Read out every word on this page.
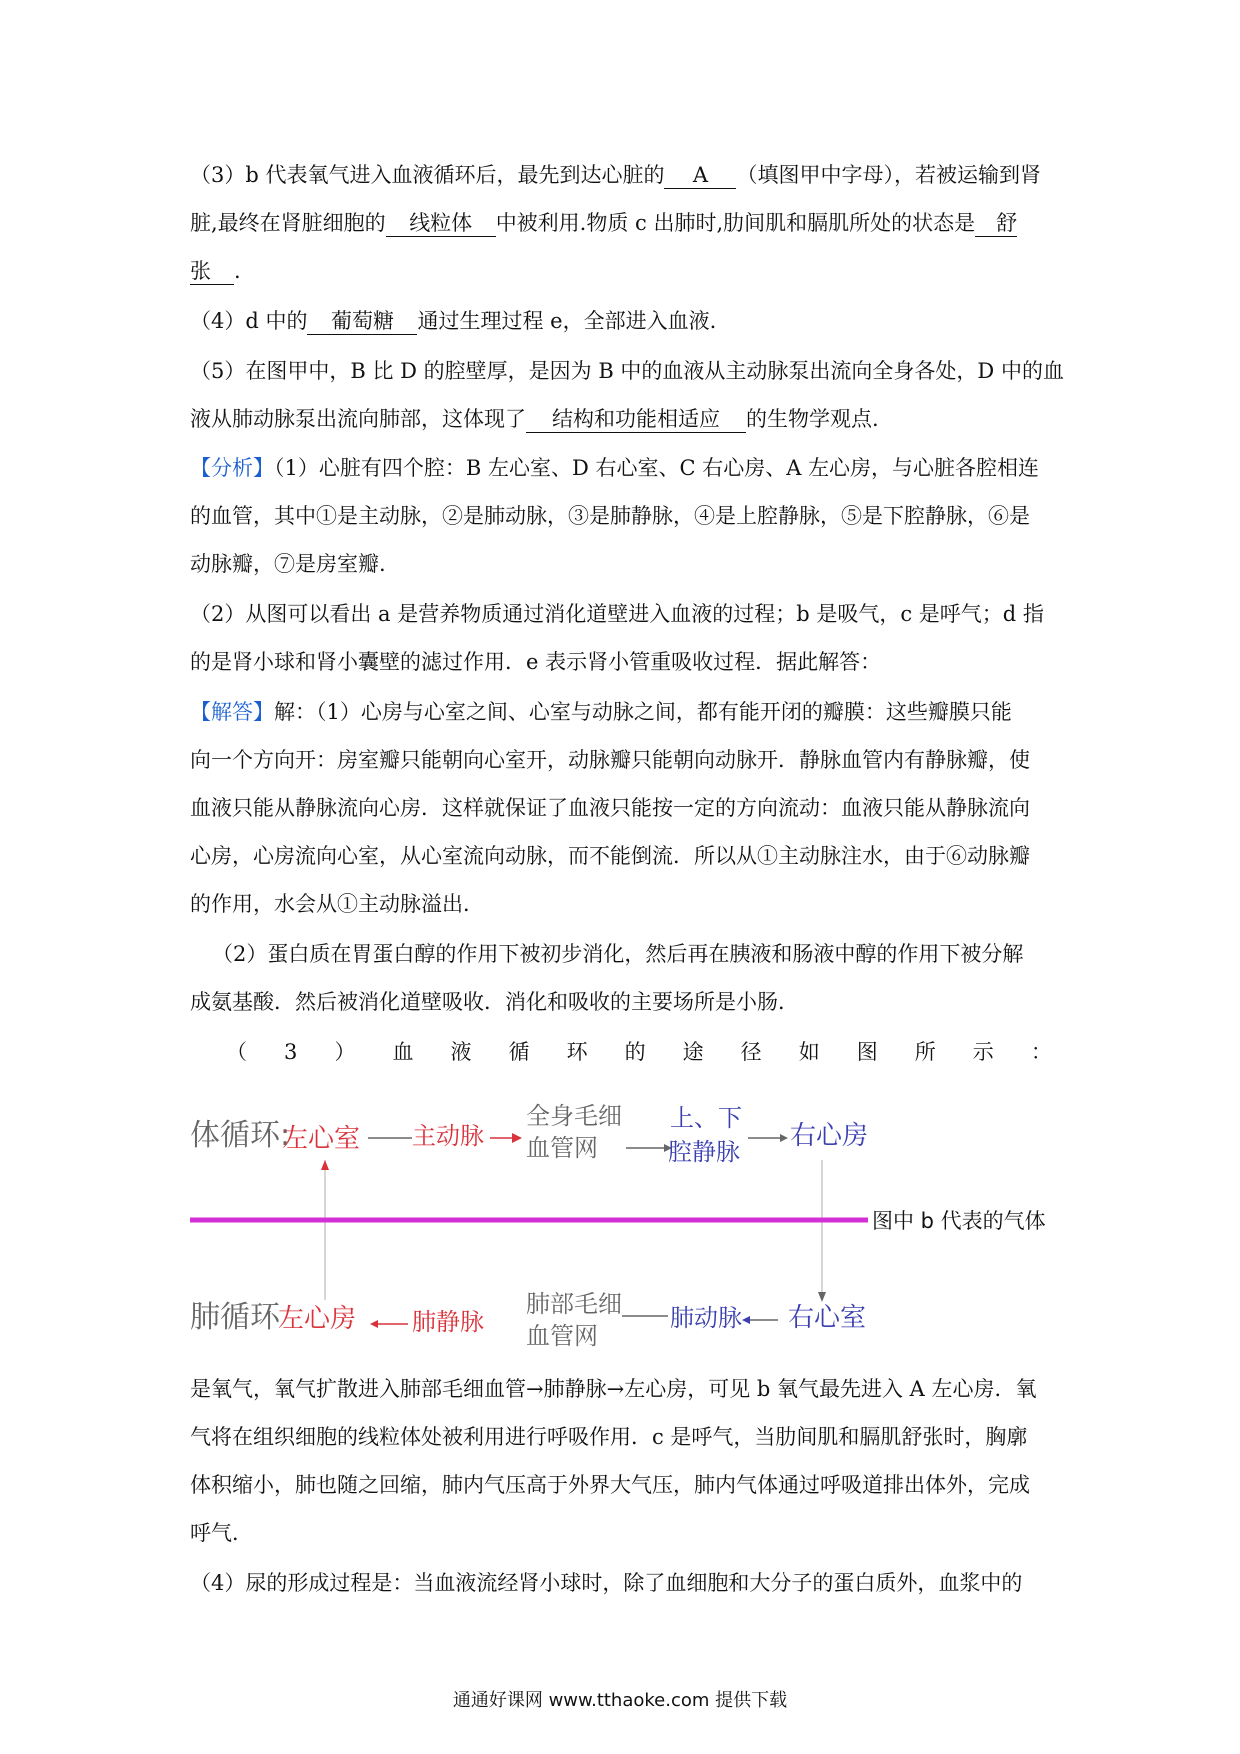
（3）b 代表氧气进入血液循环后，最先到达心脏的 A （填图甲中字母），若被运输到肾
脏,最终在肾脏细胞的 线粒体 中被利用.物质 c 出肺时,肋间肌和膈肌所处的状态是 舒
张 .
（4）d 中的 葡萄糖 通过生理过程 e，全部进入血液.
（5）在图甲中，B 比 D 的腔壁厚，是因为 B 中的血液从主动脉泵出流向全身各处，D 中的血
液从肺动脉泵出流向肺部，这体现了 结构和功能相适应 的生物学观点.
【分析】（1）心脏有四个腔：B 左心室、D 右心室、C 右心房、A 左心房，与心脏各腔相连
的血管，其中①是主动脉，②是肺动脉，③是肺静脉，④是上腔静脉，⑤是下腔静脉，⑥是
动脉瓣，⑦是房室瓣.
（2）从图可以看出 a 是营养物质通过消化道壁进入血液的过程；b 是吸气，c 是呼气；d 指
的是肾小球和肾小囊壁的滤过作用．e 表示肾小管重吸收过程．据此解答：
【解答】解：（1）心房与心室之间、心室与动脉之间，都有能开闭的瓣膜：这些瓣膜只能
向一个方向开：房室瓣只能朝向心室开，动脉瓣只能朝向动脉开．静脉血管内有静脉瓣，使
血液只能从静脉流向心房．这样就保证了血液只能按一定的方向流动：血液只能从静脉流向
心房，心房流向心室，从心室流向动脉，而不能倒流．所以从①主动脉注水，由于⑥动脉瓣
的作用，水会从①主动脉溢出．
（2）蛋白质在胃蛋白醇的作用下被初步消化，然后再在胰液和肠液中醇的作用下被分解
成氨基酸．然后被消化道壁吸收．消化和吸收的主要场所是小肠．
（ 3 ） 血 液 循 环 的 途 径 如 图 所 示 ：
体循环:
左心室 主动脉
全身毛细
血管网
上、下
腔静脉
右心房
图中 b 代表的气体
肺循环
左心房 肺静脉
肺部毛细
血管网
肺动脉 右心室
是氧气，氧气扩散进入肺部毛细血管→肺静脉→左心房，可见 b 氧气最先进入 A 左心房．氧
气将在组织细胞的线粒体处被利用进行呼吸作用．c 是呼气，当肋间肌和膈肌舒张时，胸廓
体积缩小，肺也随之回缩，肺内气压高于外界大气压，肺内气体通过呼吸道排出体外，完成
呼气．
（4）尿的形成过程是：当血液流经肾小球时，除了血细胞和大分子的蛋白质外，血浆中的
通通好课网 www.tthaoke.com 提供下载
